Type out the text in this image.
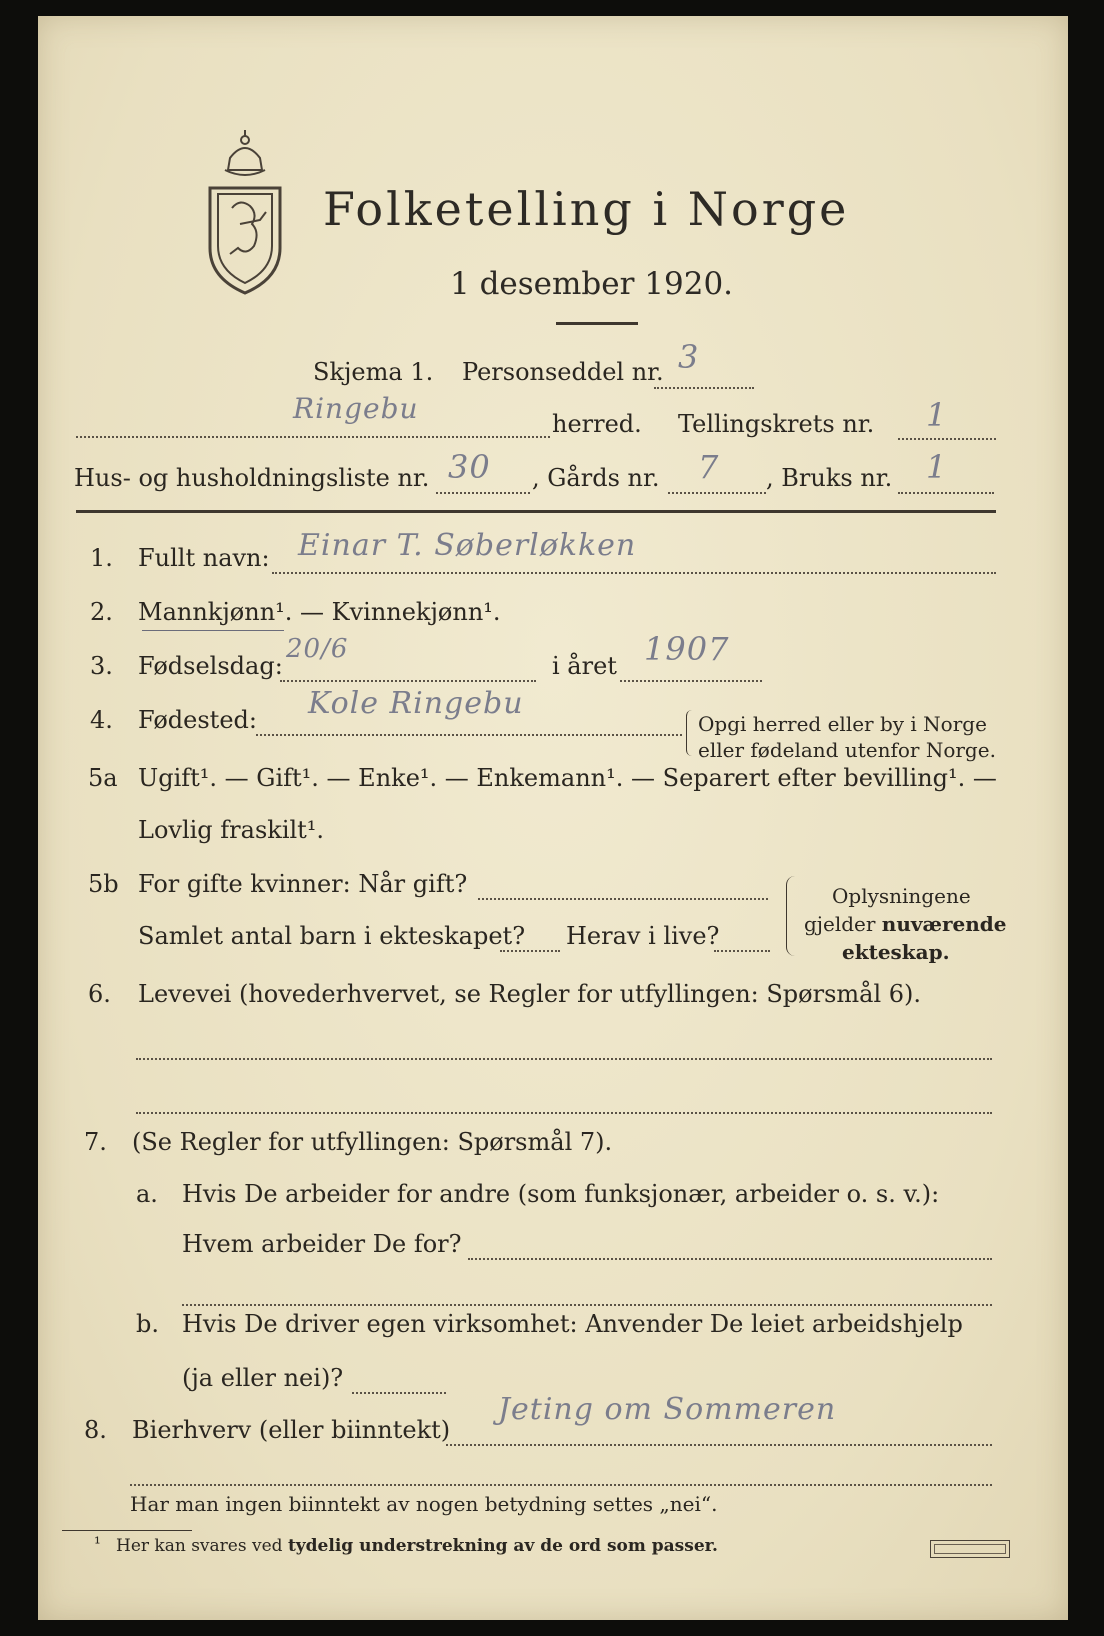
Folketelling i Norge
1 desember 1920.
Skjema 1. Personseddel nr. 3
Ringebu	herred. Tellingskrets nr. 1
Hus- og husholdningsliste nr. 30 , Gårds nr. 7 , Bruks nr. 1
1. Fullt navn: Einar T. Søberløkken
2. Mannkjønn¹. — Kvinnekjønn¹.
3. Fødselsdag:
20/6
i året 1907
4. Fødested: Kole Ringebu
Opgi herred eller by i Norge
eller fødeland utenfor Norge.
5a Ugift¹. — Gift¹. — Enke¹. — Enkemann¹. — Separert efter bevilling¹. —
Lovlig fraskilt¹.
5b For gifte kvinner: Når gift?
Samlet antal barn i ekteskapet? Herav i live?
Oplysningene
gjelder nuværende
ekteskap.
6. Levevei (hovederhvervet, se Regler for utfyllingen: Spørsmål 6).
7. (Se Regler for utfyllingen: Spørsmål 7).
a. Hvis De arbeider for andre (som funksjonær, arbeider o. s. v.):
Hvem arbeider De for?
b. Hvis De driver egen virksomhet: Anvender De leiet arbeidshjelp
(ja eller nei)?
8. Bierhverv (eller biinntekt)
Jeting om Sommeren
Har man ingen biinntekt av nogen betydning settes „nei“.
¹ Her kan svares ved tydelig understrekning av de ord som passer.
